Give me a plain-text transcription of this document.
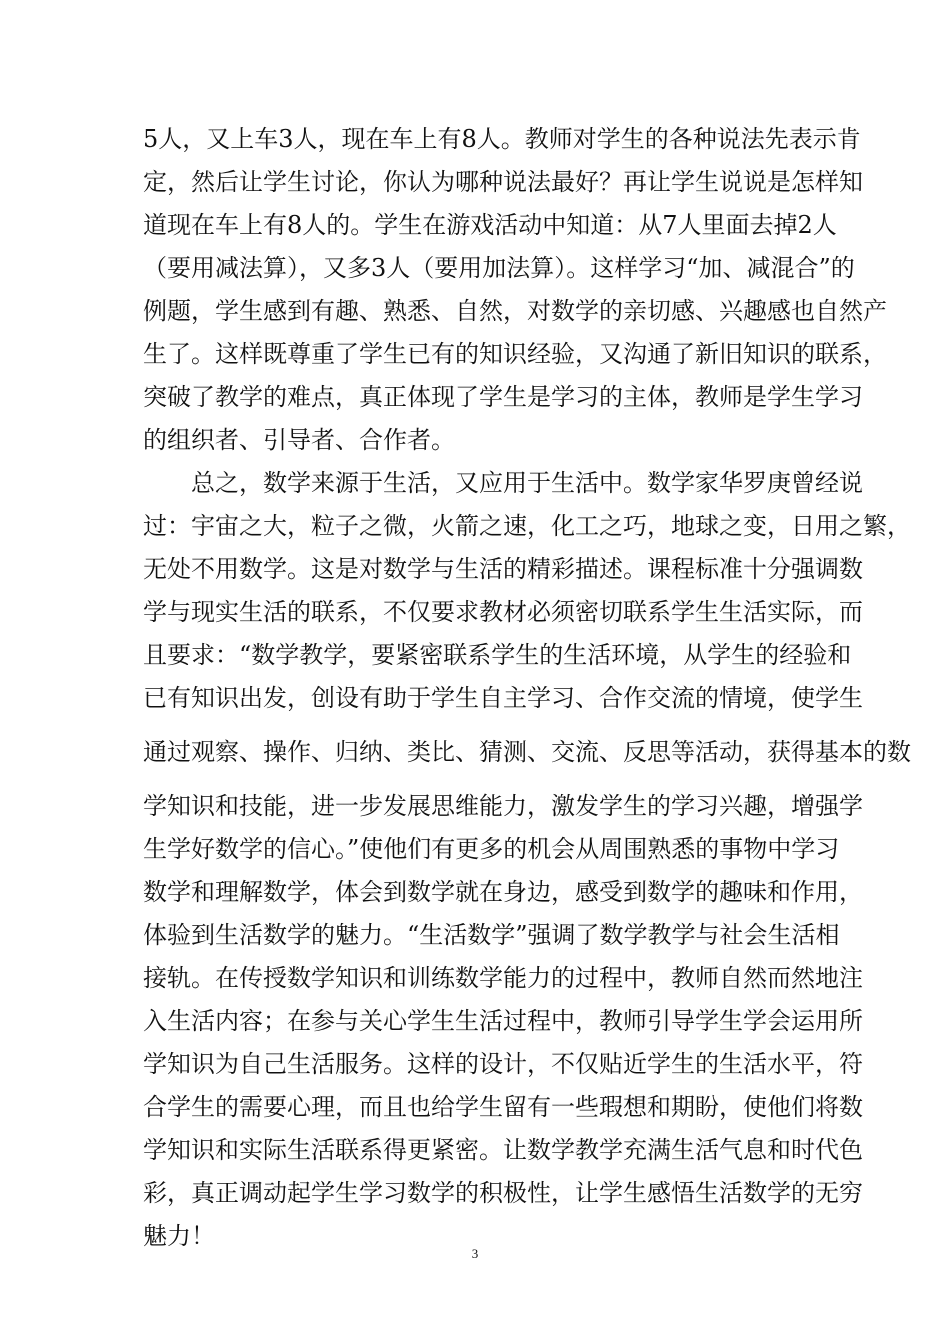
5人，又上车3人，现在车上有8人。教师对学生的各种说法先表示肯
定，然后让学生讨论，你认为哪种说法最好？再让学生说说是怎样知
道现在车上有8人的。学生在游戏活动中知道：从7人里面去掉2人
（要用减法算），又多3人（要用加法算）。这样学习“加、减混合”的
例题，学生感到有趣、熟悉、自然，对数学的亲切感、兴趣感也自然产
生了。这样既尊重了学生已有的知识经验，又沟通了新旧知识的联系，
突破了教学的难点，真正体现了学生是学习的主体，教师是学生学习
的组织者、引导者、合作者。
　　总之，数学来源于生活，又应用于生活中。数学家华罗庚曾经说
过：宇宙之大，粒子之微，火箭之速，化工之巧，地球之变，日用之繁，
无处不用数学。这是对数学与生活的精彩描述。课程标准十分强调数
学与现实生活的联系，不仅要求教材必须密切联系学生生活实际，而
且要求：“数学教学，要紧密联系学生的生活环境，从学生的经验和
已有知识出发，创设有助于学生自主学习、合作交流的情境，使学生
通过观察、操作、归纳、类比、猜测、交流、反思等活动，获得基本的数
学知识和技能，进一步发展思维能力，激发学生的学习兴趣，增强学
生学好数学的信心。”使他们有更多的机会从周围熟悉的事物中学习
数学和理解数学，体会到数学就在身边，感受到数学的趣味和作用，
体验到生活数学的魅力。“生活数学”强调了数学教学与社会生活相
接轨。在传授数学知识和训练数学能力的过程中，教师自然而然地注
入生活内容；在参与关心学生生活过程中，教师引导学生学会运用所
学知识为自己生活服务。这样的设计，不仅贴近学生的生活水平，符
合学生的需要心理，而且也给学生留有一些瑕想和期盼，使他们将数
学知识和实际生活联系得更紧密。让数学教学充满生活气息和时代色
彩，真正调动起学生学习数学的积极性，让学生感悟生活数学的无穷
魅力！
3
